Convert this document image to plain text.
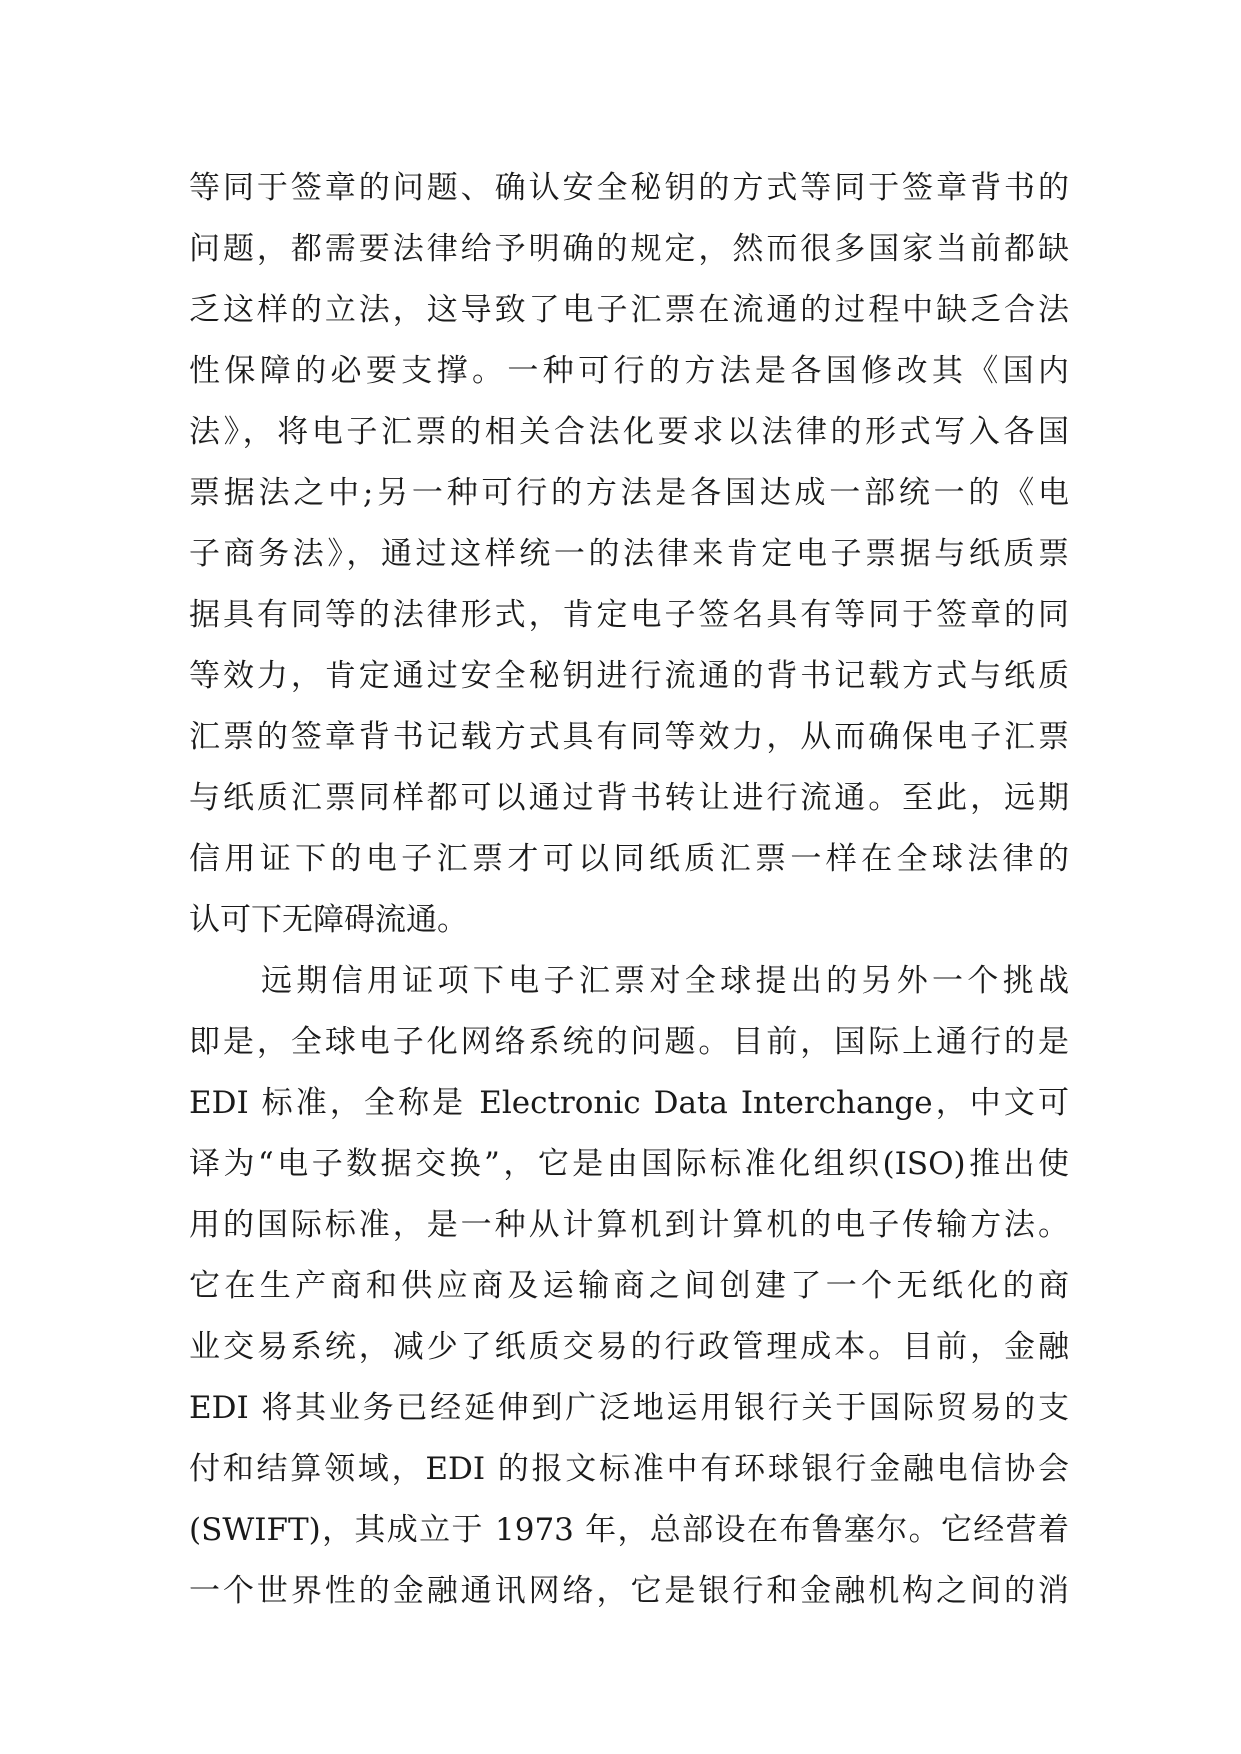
等同于签章的问题、确认安全秘钥的方式等同于签章背书的
问题，都需要法律给予明确的规定，然而很多国家当前都缺
乏这样的立法，这导致了电子汇票在流通的过程中缺乏合法
性保障的必要支撑。一种可行的方法是各国修改其《国内
法》，将电子汇票的相关合法化要求以法律的形式写入各国
票据法之中;另一种可行的方法是各国达成一部统一的《电
子商务法》，通过这样统一的法律来肯定电子票据与纸质票
据具有同等的法律形式，肯定电子签名具有等同于签章的同
等效力，肯定通过安全秘钥进行流通的背书记载方式与纸质
汇票的签章背书记载方式具有同等效力，从而确保电子汇票
与纸质汇票同样都可以通过背书转让进行流通。至此，远期
信用证下的电子汇票才可以同纸质汇票一样在全球法律的
认可下无障碍流通。
远期信用证项下电子汇票对全球提出的另外一个挑战
即是，全球电子化网络系统的问题。目前，国际上通行的是
EDI 标准，全称是 Electronic Data Interchange，中文可
译为“电子数据交换”，它是由国际标准化组织(ISO)推出使
用的国际标准，是一种从计算机到计算机的电子传输方法。
它在生产商和供应商及运输商之间创建了一个无纸化的商
业交易系统，减少了纸质交易的行政管理成本。目前，金融
EDI 将其业务已经延伸到广泛地运用银行关于国际贸易的支
付和结算领域，EDI 的报文标准中有环球银行金融电信协会
(SWIFT)，其成立于 1973 年，总部设在布鲁塞尔。它经营着
一个世界性的金融通讯网络，它是银行和金融机构之间的消
